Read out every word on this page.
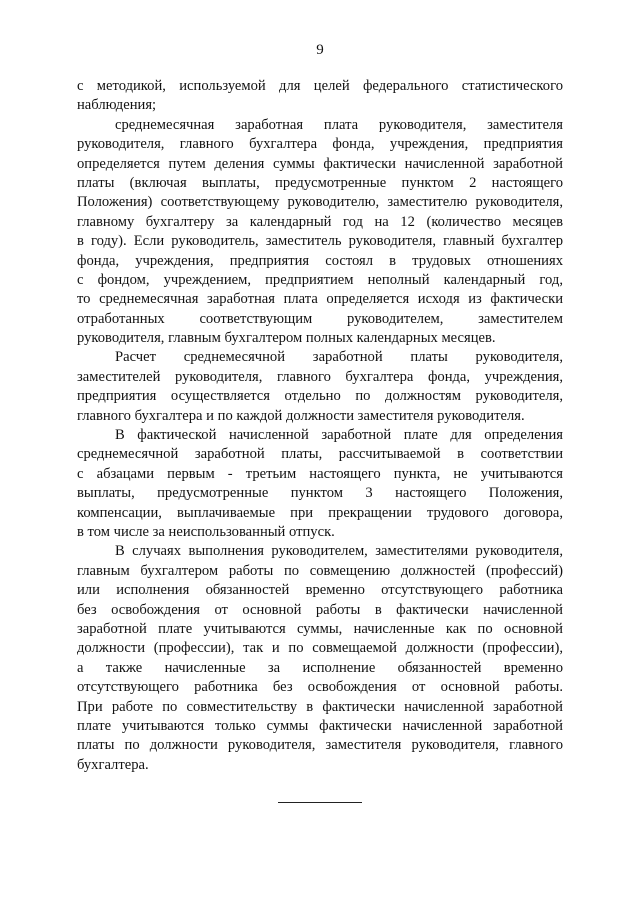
9
с методикой, используемой для целей федерального статистического
наблюдения;
среднемесячная заработная плата руководителя, заместителя
руководителя, главного бухгалтера фонда, учреждения, предприятия
определяется путем деления суммы фактически начисленной заработной
платы (включая выплаты, предусмотренные пунктом 2 настоящего
Положения) соответствующему руководителю, заместителю руководителя,
главному бухгалтеру за календарный год на 12 (количество месяцев
в году). Если руководитель, заместитель руководителя, главный бухгалтер
фонда, учреждения, предприятия состоял в трудовых отношениях
с фондом, учреждением, предприятием неполный календарный год,
то среднемесячная заработная плата определяется исходя из фактически
отработанных соответствующим руководителем, заместителем
руководителя, главным бухгалтером полных календарных месяцев.
Расчет среднемесячной заработной платы руководителя,
заместителей руководителя, главного бухгалтера фонда, учреждения,
предприятия осуществляется отдельно по должностям руководителя,
главного бухгалтера и по каждой должности заместителя руководителя.
В фактической начисленной заработной плате для определения
среднемесячной заработной платы, рассчитываемой в соответствии
с абзацами первым - третьим настоящего пункта, не учитываются
выплаты, предусмотренные пунктом 3 настоящего Положения,
компенсации, выплачиваемые при прекращении трудового договора,
в том числе за неиспользованный отпуск.
В случаях выполнения руководителем, заместителями руководителя,
главным бухгалтером работы по совмещению должностей (профессий)
или исполнения обязанностей временно отсутствующего работника
без освобождения от основной работы в фактически начисленной
заработной плате учитываются суммы, начисленные как по основной
должности (профессии), так и по совмещаемой должности (профессии),
а также начисленные за исполнение обязанностей временно
отсутствующего работника без освобождения от основной работы.
При работе по совместительству в фактически начисленной заработной
плате учитываются только суммы фактически начисленной заработной
платы по должности руководителя, заместителя руководителя, главного
бухгалтера.
